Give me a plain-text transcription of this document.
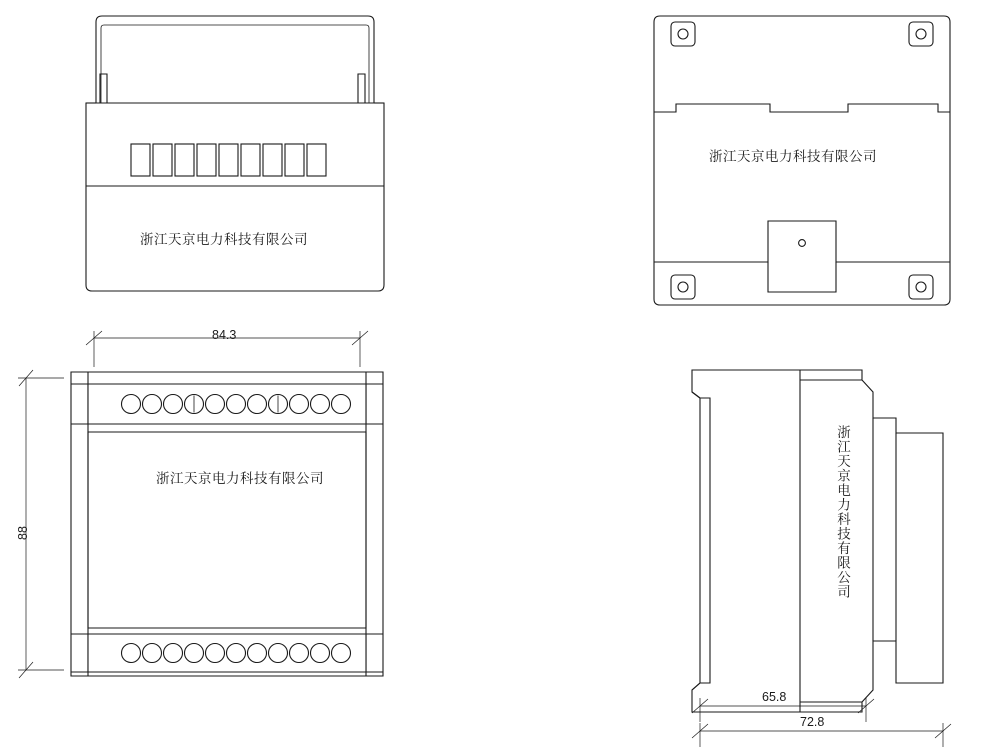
浙江天京电力科技有限公司
浙江天京电力科技有限公司
浙江天京电力科技有限公司	浙江天京电力科技有限公司
84.3
88
65.8
72.8
